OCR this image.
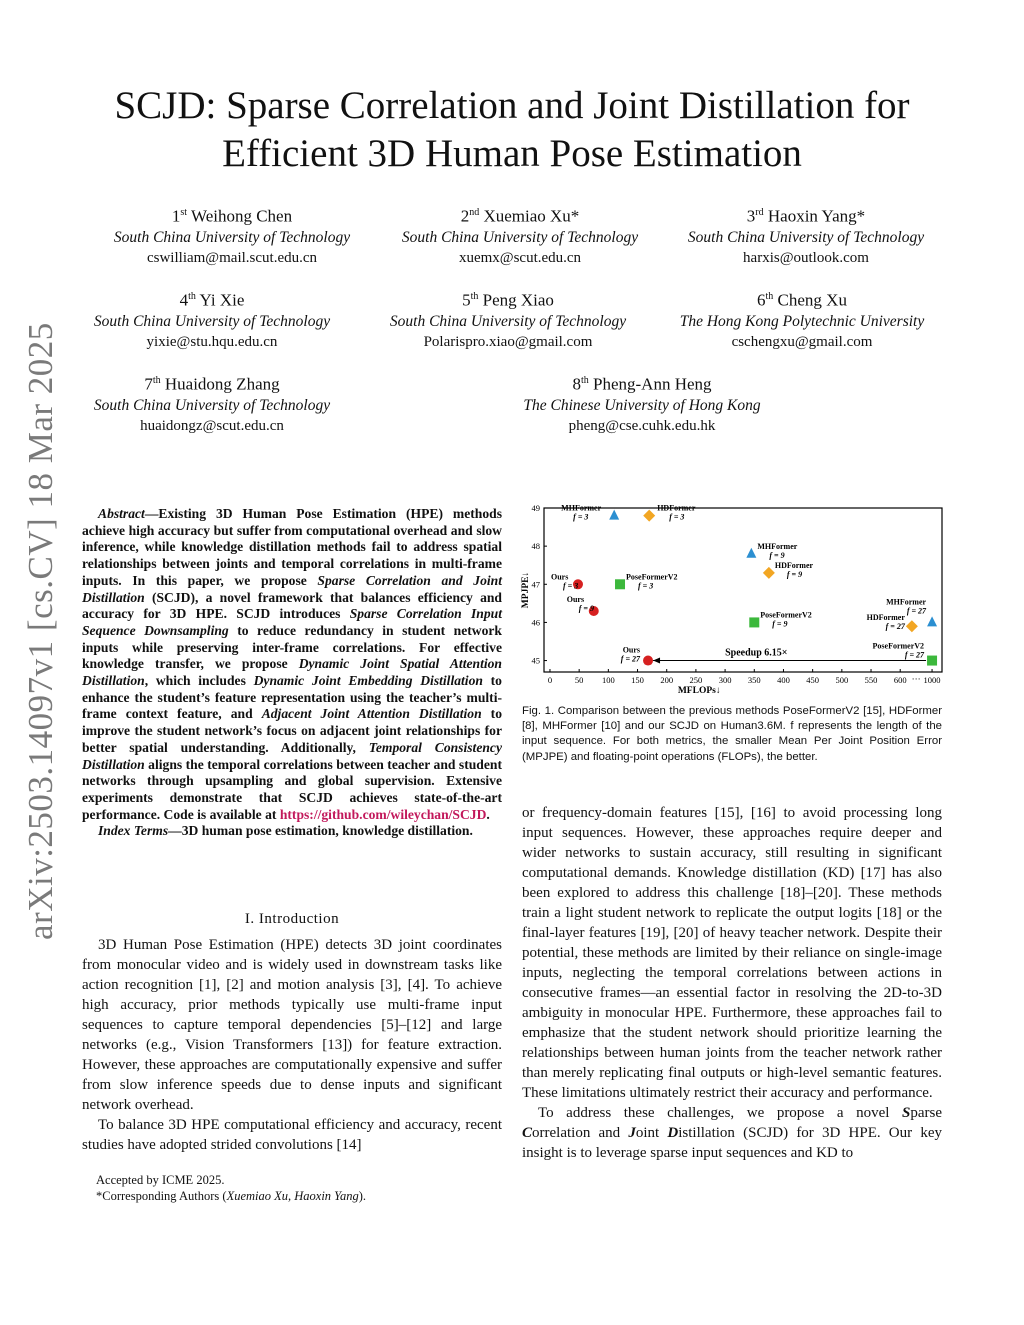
arXiv:2503.14097v1 [cs.CV] 18 Mar 2025
SCJD: Sparse Correlation and Joint Distillation for
Efficient 3D Human Pose Estimation
1st Weihong Chen
South China University of Technology
cswilliam@mail.scut.edu.cn
2nd Xuemiao Xu*
South China University of Technology
xuemx@scut.edu.cn
3rd Haoxin Yang*
South China University of Technology
harxis@outlook.com
4th Yi Xie
South China University of Technology
yixie@stu.hqu.edu.cn
5th Peng Xiao
South China University of Technology
Polarispro.xiao@gmail.com
6th Cheng Xu
The Hong Kong Polytechnic University
cschengxu@gmail.com
7th Huaidong Zhang
South China University of Technology
huaidongz@scut.edu.cn
8th Pheng-Ann Heng
The Chinese University of Hong Kong
pheng@cse.cuhk.edu.hk

Abstract—Existing 3D Human Pose Estimation (HPE) methods achieve high accuracy but suffer from computational overhead and slow inference, while knowledge distillation methods fail to address spatial relationships between joints and temporal correlations in multi-frame inputs. In this paper, we propose Sparse Correlation and Joint Distillation (SCJD), a novel framework that balances efficiency and accuracy for 3D HPE. SCJD introduces Sparse Correlation Input Sequence Downsampling to reduce redundancy in student network inputs while preserving inter-frame correlations. For effective knowledge transfer, we propose Dynamic Joint Spatial Attention Distillation, which includes Dynamic Joint Embedding Distillation to enhance the student’s feature representation using the teacher’s multi-frame context feature, and Adjacent Joint Attention Distillation to improve the student network’s focus on adjacent joint relationships for better spatial understanding. Additionally, Temporal Consistency Distillation aligns the temporal correlations between teacher and student networks through upsampling and global supervision. Extensive experiments demonstrate that SCJD achieves state-of-the-art performance. Code is available at https://github.com/wileychan/SCJD.

Index Terms—3D human pose estimation, knowledge distillation.

I. Introduction

3D Human Pose Estimation (HPE) detects 3D joint coordinates from monocular video and is widely used in downstream tasks like action recognition [1], [2] and motion analysis [3], [4]. To achieve high accuracy, prior methods typically use multi-frame input sequences to capture temporal dependencies [5]–[12] and large networks (e.g., Vision Transformers [13]) for feature extraction. However, these approaches are computationally expensive and suffer from slow inference speeds due to dense inputs and significant network overhead.

To balance 3D HPE computational efficiency and accuracy, recent studies have adopted strided convolutions [14]

Accepted by ICME 2025.
*Corresponding Authors (Xuemiao Xu, Haoxin Yang).
0	50 100 150 200 250 300 350 400 450 500 550 600 1000
···
45
46
47
48
49
MFLOPs↓
MPJPE↓
Speedup 6.15×
MHFormer
f = 3
HDFormer
f = 3
MHFormer
f = 9
HDFormer
f = 9
Ours
f = 3
PoseFormerV2
f = 3
Ours
f = 9
PoseFormerV2
f = 9
MHFormer
f = 27
HDFormer
f = 27
Ours
f = 27
PoseFormerV2
f = 27
Fig. 1. Comparison between the previous methods PoseFormerV2 [15], HDFormer [8], MHFormer [10] and our SCJD on Human3.6M. f represents the length of the input sequence. For both metrics, the smaller Mean Per Joint Position Error (MPJPE) and floating-point operations (FLOPs), the better.

or frequency-domain features [15], [16] to avoid processing long input sequences. However, these approaches require deeper and wider networks to sustain accuracy, still resulting in significant computational demands. Knowledge distillation (KD) [17] has also been explored to address this challenge [18]–[20]. These methods train a light student network to replicate the output logits [18] or the final-layer features [19], [20] of heavy teacher network. Despite their potential, these methods are limited by their reliance on single-image inputs, neglecting the temporal correlations between actions in consecutive frames—an essential factor in resolving the 2D-to-3D ambiguity in monocular HPE. Furthermore, these approaches fail to emphasize that the student network should prioritize learning the relationships between human joints from the teacher network rather than merely replicating final outputs or high-level semantic features. These limitations ultimately restrict their accuracy and performance.

To address these challenges, we propose a novel Sparse Correlation and Joint Distillation (SCJD) for 3D HPE. Our key insight is to leverage sparse input sequences and KD to
